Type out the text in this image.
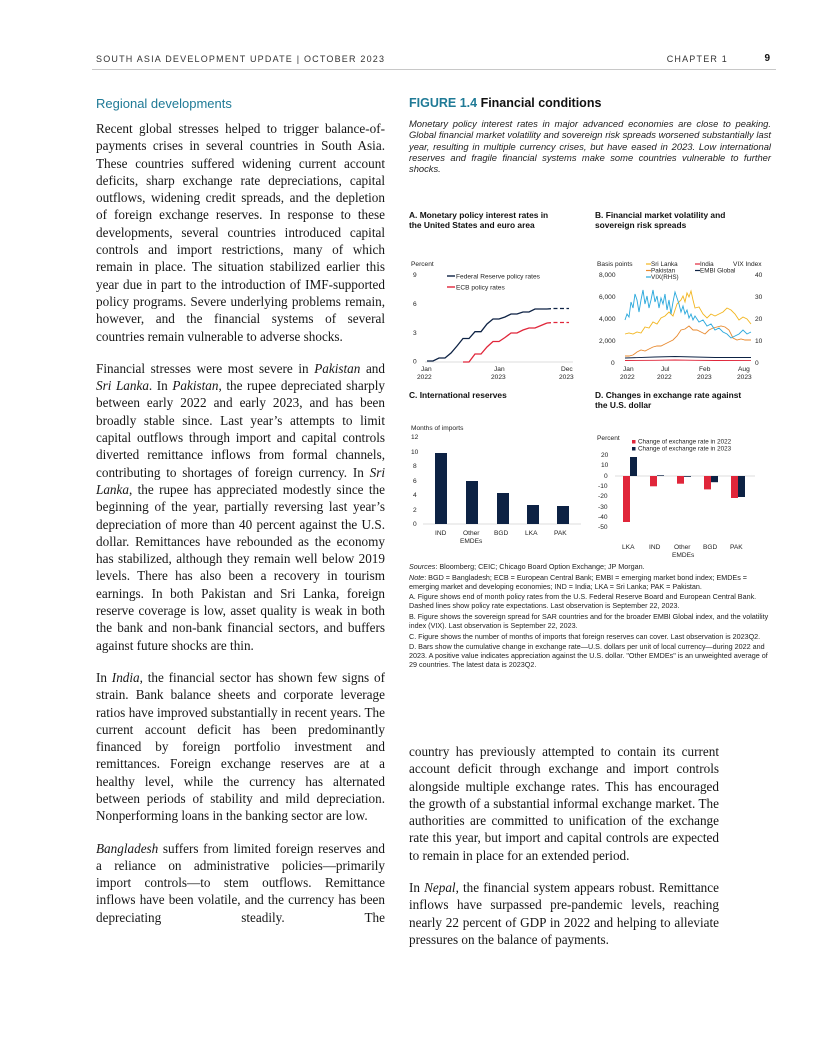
SOUTH ASIA DEVELOPMENT UPDATE | OCTOBER 2023	CHAPTER 1	9
Regional developments

Recent global stresses helped to trigger balance-of-payments crises in several countries in South Asia. These countries suffered widening current account deficits, sharp exchange rate depreciations, capital outflows, widening credit spreads, and the depletion of foreign exchange reserves. In response to these developments, several countries introduced capital controls and import restrictions, many of which remain in place. The situation stabilized earlier this year due in part to the introduction of IMF-supported policy programs. Severe underlying problems remain, however, and the financial systems of several countries remain vulnerable to adverse shocks.

Financial stresses were most severe in Pakistan and Sri Lanka. In Pakistan, the rupee depreciated sharply between early 2022 and early 2023, and has been broadly stable since. Last year’s attempts to limit capital outflows through import and capital controls diverted remittance inflows from formal channels, contributing to shortages of foreign currency. In Sri Lanka, the rupee has appreciated modestly since the beginning of the year, partially reversing last year’s depreciation of more than 40 percent against the U.S. dollar. Remittances have rebounded as the economy has stabilized, although they remain well below 2019 levels. There has also been a recovery in tourism earnings. In both Pakistan and Sri Lanka, foreign reserve coverage is low, asset quality is weak in both the bank and non-bank financial sectors, and buffers against future shocks are thin.

In India, the financial sector has shown few signs of strain. Bank balance sheets and corporate leverage ratios have improved substantially in recent years. The current account deficit has been predominantly financed by foreign portfolio investment and remittances. Foreign exchange reserves are at a healthy level, while the currency has alternated between periods of stability and mild depreciation. Nonperforming loans in the banking sector are low.

Bangladesh suffers from limited foreign reserves and a reliance on administrative policies—primarily import controls—to stem outflows. Remittance inflows have been volatile, and the currency has been depreciating steadily. The

FIGURE 1.4 Financial conditions
Monetary policy interest rates in major advanced economies are close to peaking. Global financial market volatility and sovereign risk spreads worsened substantially last year, resulting in multiple currency crises, but have eased in 2023. Low international reserves and fragile financial systems make some countries vulnerable to further shocks.
A. Monetary policy interest rates in
the United States and euro area
Percent
9
6
3
0
Federal Reserve policy rates
ECB policy rates
Jan
2022
Jan
2023
Dec
2023
B. Financial market volatility and
sovereign risk spreads
Basis points	VIX Index
8,000
6,000
4,000
2,000
0
40
30
20
10
0
Sri Lanka
Pakistan
VIX(RHS)
India
EMBI Global
Jan
2022
Jul
2022
Feb
2023
Aug
2023
C. International reserves
Months of imports
12
10
8
6
4
2
0
IND	Other
EMDEs
BGD	LKA	PAK
D. Changes in exchange rate against
the U.S. dollar
Percent
20
10
0
-10
-20
-30
-40
-50
Change of exchange rate in 2022
Change of exchange rate in 2023
LKA IND Other
EMDEs
BGD PAK
Sources: Bloomberg; CEIC; Chicago Board Option Exchange; JP Morgan.
Note: BGD = Bangladesh; ECB = European Central Bank; EMBI = emerging market bond index; EMDEs = emerging market and developing economies; IND = India; LKA = Sri Lanka; PAK = Pakistan.
A. Figure shows end of month policy rates from the U.S. Federal Reserve Board and European Central Bank. Dashed lines show policy rate expectations. Last observation is September 22, 2023.
B. Figure shows the sovereign spread for SAR countries and for the broader EMBI Global index, and the volatility index (VIX). Last observation is September 22, 2023.
C. Figure shows the number of months of imports that foreign reserves can cover. Last observation is 2023Q2.
D. Bars show the cumulative change in exchange rate—U.S. dollars per unit of local currency—during 2022 and 2023. A positive value indicates appreciation against the U.S. dollar. "Other EMDEs" is an unweighted average of 29 countries. The latest data is 2023Q2.

country has previously attempted to contain its current account deficit through exchange and import controls alongside multiple exchange rates. This has encouraged the growth of a substantial informal exchange market. The authorities are committed to unification of the exchange rate this year, but import and capital controls are expected to remain in place for an extended period.

In Nepal, the financial system appears robust. Remittance inflows have surpassed pre-pandemic levels, reaching nearly 22 percent of GDP in 2022 and helping to alleviate pressures on the balance of payments.
